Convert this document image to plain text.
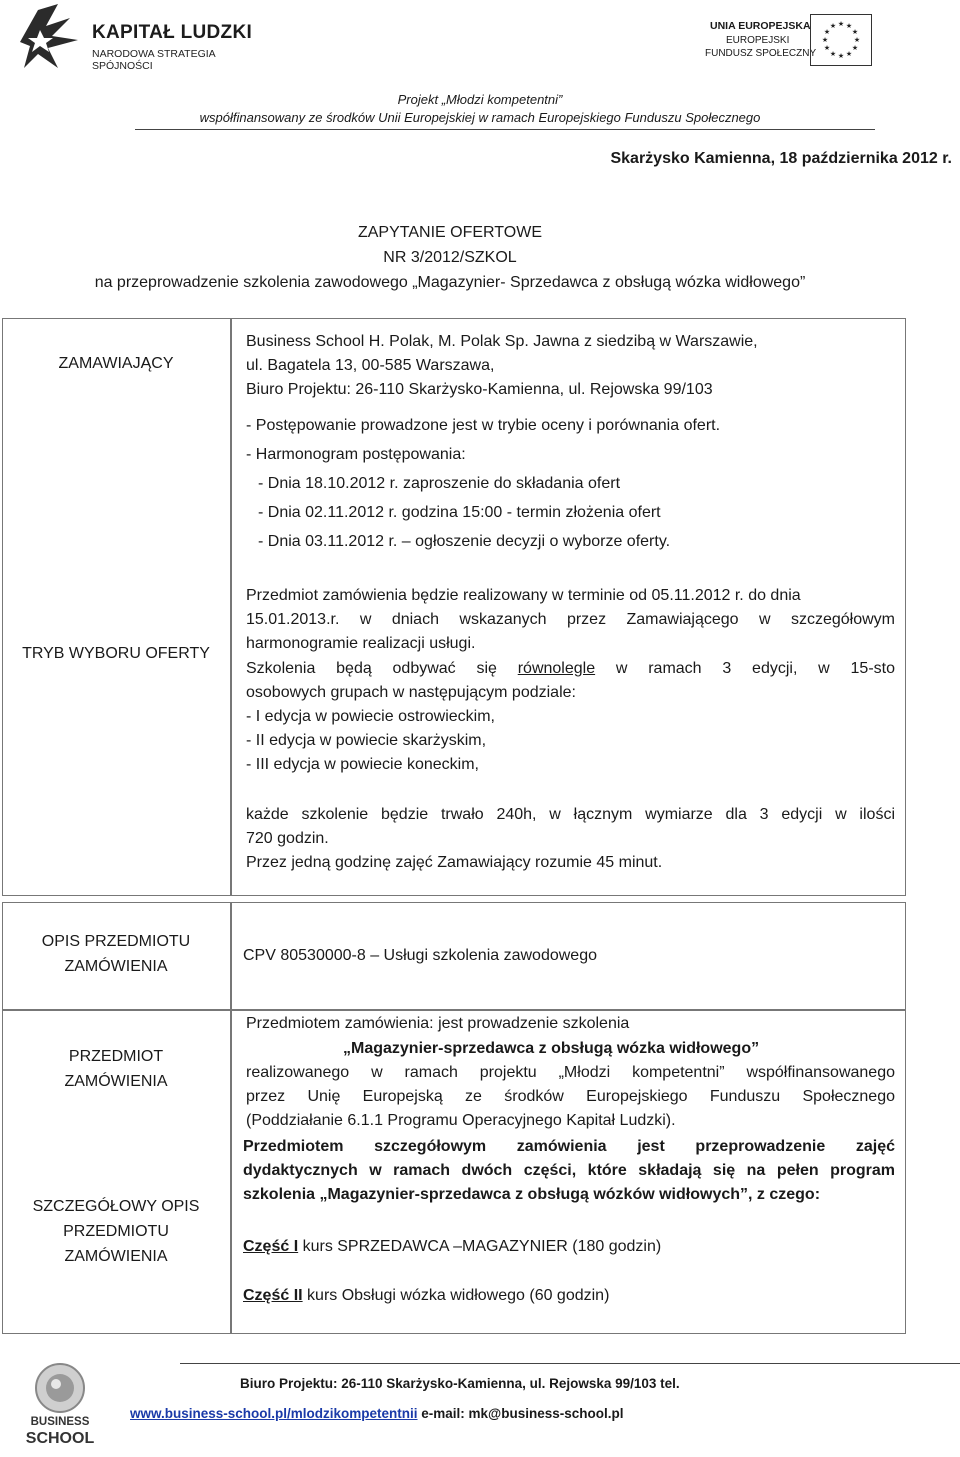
KAPITAŁ LUDZKI
NARODOWA STRATEGIA SPÓJNOŚCI
UNIA EUROPEJSKA
EUROPEJSKI
FUNDUSZ SPOŁECZNY
★ ★
★
★
★
★
★
★
★
★
★
★
Projekt „Młodzi kompetentni”
współfinansowany ze środków Unii Europejskiej w ramach Europejskiego Funduszu Społecznego
Skarżysko Kamienna, 18 października 2012 r.
ZAPYTANIE OFERTOWE
NR 3/2012/SZKOL
na przeprowadzenie szkolenia zawodowego „Magazynier- Sprzedawca z obsługą wózka widłowego”
ZAMAWIAJĄCY
Business School H. Polak, M. Polak Sp. Jawna z siedzibą w Warszawie,
ul. Bagatela 13, 00-585 Warszawa,
Biuro Projektu: 26-110 Skarżysko-Kamienna, ul. Rejowska 99/103
TRYB WYBORU OFERTY
- Postępowanie prowadzone jest w trybie oceny i porównania ofert.
- Harmonogram postępowania:
- Dnia 18.10.2012 r. zaproszenie do składania ofert
- Dnia 02.11.2012 r. godzina 15:00 - termin złożenia ofert
- Dnia 03.11.2012 r. – ogłoszenie decyzji o wyborze oferty.
Przedmiot zamówienia będzie realizowany w terminie od 05.11.2012 r. do dnia
15.01.2013.r. w dniach wskazanych przez Zamawiającego w szczegółowym
harmonogramie realizacji usługi.
Szkolenia będą odbywać się równolegle w ramach 3 edycji, w 15-sto
osobowych grupach w następującym podziale:
- I edycja w powiecie ostrowieckim,
- II edycja w powiecie skarżyskim,
- III edycja w powiecie koneckim,
każde szkolenie będzie trwało 240h, w łącznym wymiarze dla 3 edycji w ilości
720 godzin.
Przez jedną godzinę zajęć Zamawiający rozumie 45 minut.
OPIS PRZEDMIOTU
ZAMÓWIENIA
CPV 80530000-8 – Usługi szkolenia zawodowego
PRZEDMIOT
ZAMÓWIENIA
Przedmiotem zamówienia: jest prowadzenie szkolenia
„Magazynier-sprzedawca z obsługą wózka widłowego”
realizowanego w ramach projektu „Młodzi kompetentni” współfinansowanego
przez Unię Europejską ze środków Europejskiego Funduszu Społecznego
(Poddziałanie 6.1.1 Programu Operacyjnego Kapitał Ludzki).
SZCZEGÓŁOWY OPIS
PRZEDMIOTU
ZAMÓWIENIA
Przedmiotem szczegółowym zamówienia jest przeprowadzenie zajęć
dydaktycznych w ramach dwóch części, które składają się na pełen program
szkolenia „Magazynier-sprzedawca z obsługą wózków widłowych”, z czego:
Część I kurs SPRZEDAWCA –MAGAZYNIER (180 godzin)
Część II kurs Obsługi wózka widłowego (60 godzin)
BUSINESS
SCHOOL
Biuro Projektu: 26-110 Skarżysko-Kamienna, ul. Rejowska 99/103 tel.
www.business-school.pl/mlodzikompetentnii e-mail: mk@business-school.pl
